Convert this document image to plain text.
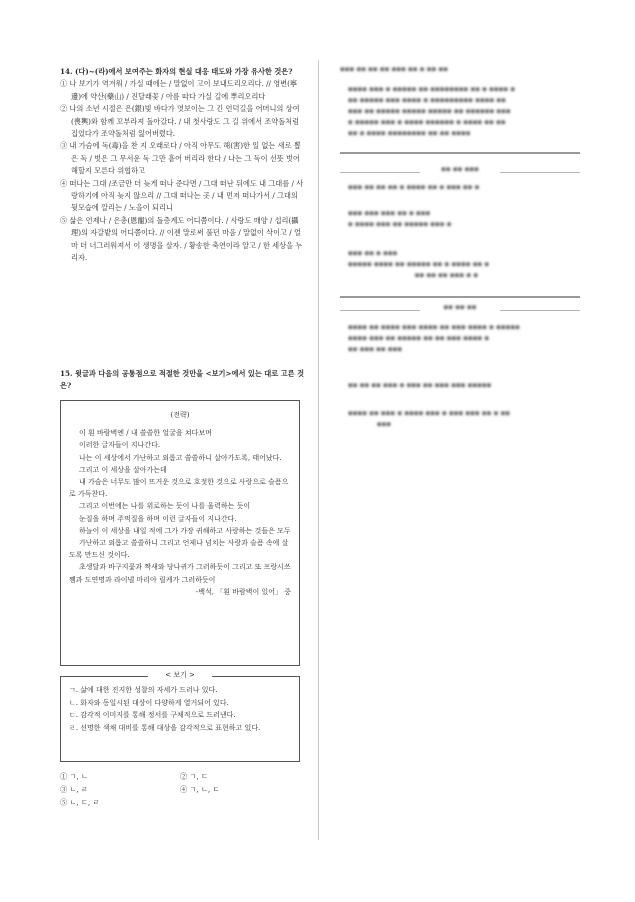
14. (다)~(라)에서 보여주는 화자의 현실 대응 태도와 가장 유사한 것은?
① 나 보기가 역겨워 / 가실 때에는 / 말없이 고이 보내드리오리다. // 영변(寧邊)에 약산(藥山) / 진달래꽃 / 아름 따다 가실 길에 뿌리오리다
② 나의 소년 시절은 은(銀)빛 바다가 엿보이는 그 긴 언덕길을 어머니의 상여(喪輿)와 함께 꼬부라져 돌아갔다. / 내 첫사랑도 그 길 위에서 조약돌처럼 집었다가 조약돌처럼 잃어버렸다.
③ 내 가슴에 독(毒)을 찬 지 오래로다 / 아직 아무도 해(害)한 일 없는 새로 뽑은 독 / 벗은 그 무서운 독 그만 흩어 버리라 한다 / 나는 그 독이 선뜻 벗어 해할지 모른다 위협하고
④ 떠나는 그대 /조금만 더 늦게 떠나 준다면 / 그대 떠난 뒤에도 내 그대를 / 사랑하기에 아직 늦지 않으리 // 그대 떠나는 곳 / 내 먼저 떠나가서 / 그대의 뒷모습에 깔리는 / 노을이 되리니
⑤ 삶은 언제나 / 은총(恩寵)의 돌층계도 어디쯤이다. / 사랑도 매양 / 섭리(攝理)의 자갈밭의 어디쯤이다. // 이젠 말로써 풀던 마음 / 말없이 삭이고 / 얼마 더 너그러워져서 이 생명을 살자. / 황송한 축연이라 알고 / 한 세상을 누리자.
15. 윗글과 다음의 공통점으로 적절한 것만을 <보기>에서 있는 대로 고른 것은?
(전략)
이 흰 바람벽엔 / 내 쓸쓸한 얼굴을 쳐다보며
이러한 글자들이 지나간다.
나는 이 세상에서 가난하고 외롭고 쓸쓸하니 살아가도록, 태어났다.
그리고 이 세상을 살아가는데
내 가슴은 너무도 많이 뜨거운 것으로 호젓한 것으로 사랑으로 슬픔으로 가득찬다.
그리고 이번에는 나를 위로하는 듯이 나를 울력하는 듯이
눈질을 하며 주먹질을 하며 이런 글자들이 지나간다.
하늘이 이 세상을 내일 적에 그가 가장 귀해하고 사랑하는 것들은 모두
가난하고 외롭고 쓸쓸하니 그리고 언제나 넘치는 사랑과 슬픔 속에 살도록 만드신 것이다.
초생달과 바구지꽃과 짝새와 당나귀가 그러하듯이 그리고 또 프랑시쓰 쨈과 도연명과 라이넬 마리아 릴케가 그러하듯이
-백석, 「흰 바람벽이 있어」 중
< 보기 >
ㄱ. 삶에 대한 진지한 성찰의 자세가 드러나 있다.
ㄴ. 화자와 동일시된 대상이 다양하게 열거되어 있다.
ㄷ. 감각적 이미지를 통해 정서를 구체적으로 드러낸다.
ㄹ. 선명한 색채 대비를 통해 대상을 감각적으로 표현하고 있다.
① ㄱ, ㄴ	② ㄱ, ㄷ
③ ㄴ, ㄹ	④ ㄱ, ㄴ, ㄷ
⑤ ㄴ, ㄷ, ㄹ
▪▪▪ ▪▪ ▪▪ ▪▪ ▪▪▪ ▪▪ ▪ ▪▪ ▪▪
▪▪▪▪ ▪▪▪ ▪ ▪▪▪▪▪ ▪▪ ▪▪▪▪▪▪▪▪ ▪▪ ▪ ▪▪▪▪ ▪
▪▪ ▪▪▪▪▪ ▪▪▪ ▪▪▪▪ ▪ ▪▪▪▪▪▪▪▪▪ ▪▪▪▪ ▪▪
▪▪▪ ▪▪ ▪▪▪▪▪ ▪▪▪▪▪ ▪▪▪▪▪ ▪▪ ▪▪▪▪▪▪ ▪▪▪
▪ ▪▪▪▪▪ ▪▪▪ ▪ ▪▪▪▪ ▪▪▪▪▪▪ ▪ ▪▪▪▪ ▪▪ ▪▪
▪▪ ▪ ▪▪▪▪ ▪▪▪▪▪▪▪▪ ▪▪ ▪▪ ▪▪▪▪
▪▪ ▪▪ ▪▪▪
▪▪▪ ▪▪ ▪▪ ▪▪ ▪ ▪▪▪▪ ▪▪ ▪ ▪▪▪ ▪▪ ▪
▪▪▪ ▪▪▪ ▪▪▪ ▪▪ ▪ ▪▪▪
▪ ▪▪▪▪ ▪▪▪ ▪▪ ▪▪▪▪▪ ▪▪▪ ▪
▪▪▪ ▪▪ ▪ ▪▪▪
▪▪▪▪▪ ▪▪▪▪ ▪▪ ▪▪▪▪▪ ▪▪ ▪ ▪▪▪▪ ▪▪ ▪
▪▪ ▪▪ ▪▪ ▪▪▪ ▪ ▪
▪▪ ▪▪ ▪▪
▪▪▪▪ ▪▪ ▪▪▪▪ ▪▪▪ ▪▪▪▪ ▪▪ ▪▪▪ ▪▪▪▪ ▪ ▪▪▪▪▪
▪▪▪▪ ▪▪▪ ▪▪ ▪▪▪▪▪ ▪▪ ▪▪ ▪▪▪ ▪▪▪▪ ▪
▪▪ ▪▪▪ ▪▪ ▪▪▪
▪▪ ▪▪ ▪▪ ▪▪▪ ▪ ▪▪▪ ▪▪ ▪▪▪ ▪▪▪ ▪▪▪▪▪
▪▪▪▪ ▪▪ ▪▪▪ ▪ ▪▪▪▪ ▪▪▪ ▪ ▪▪▪ ▪▪▪ ▪▪ ▪ ▪▪
▪▪▪
